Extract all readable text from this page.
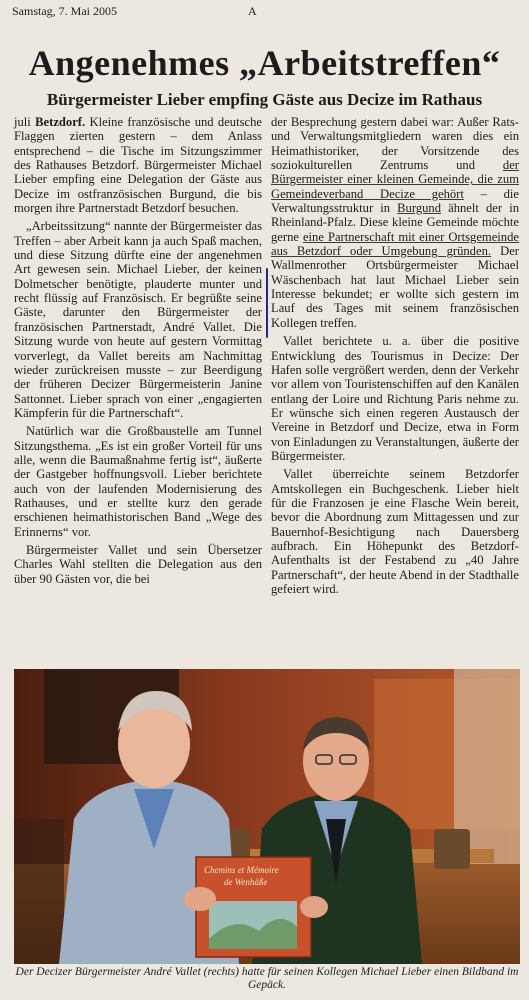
Samstag, 7. Mai 2005	A
Angenehmes „Arbeitstreffen“
Bürgermeister Lieber empfing Gäste aus Decize im Rathaus

juli Betzdorf. Kleine französische und deutsche Flaggen zierten gestern – dem Anlass entsprechend – die Tische im Sitzungszimmer des Rathauses Betzdorf. Bürgermeister Michael Lieber empfing eine Delegation der Gäste aus Decize im ostfranzösischen Burgund, die bis morgen ihre Partnerstadt Betzdorf besuchen.

„Arbeitssitzung“ nannte der Bürgermeister das Treffen – aber Arbeit kann ja auch Spaß machen, und diese Sitzung dürfte eine der angenehmen Art gewesen sein. Michael Lieber, der keinen Dolmetscher benötigte, plauderte munter und recht flüssig auf Französisch. Er begrüßte seine Gäste, darunter den Bürgermeister der französischen Partnerstadt, André Vallet. Die Sitzung wurde von heute auf gestern Vormittag vorverlegt, da Vallet bereits am Nachmittag wieder zurückreisen musste – zur Beerdigung der früheren Decizer Bürgermeisterin Janine Sattonnet. Lieber sprach von einer „engagierten Kämpferin für die Partnerschaft“.

Natürlich war die Großbaustelle am Tunnel Sitzungsthema. „Es ist ein großer Vorteil für uns alle, wenn die Baumaßnahme fertig ist“, äußerte der Gastgeber hoffnungsvoll. Lieber berichtete auch von der laufenden Modernisierung des Rathauses, und er stellte kurz den gerade erschienen heimathistorischen Band „Wege des Erinnerns“ vor.

Bürgermeister Vallet und sein Übersetzer Charles Wahl stellten die Delegation aus den über 90 Gästen vor, die bei

der Besprechung gestern dabei war: Außer Rats- und Verwaltungsmitgliedern waren dies ein Heimathistoriker, der Vorsitzende des soziokulturellen Zentrums und der Bürgermeister einer kleinen Gemeinde, die zum Gemeindeverband Decize gehört – die Verwaltungsstruktur in Burgund ähnelt der in Rheinland-Pfalz. Diese kleine Gemeinde möchte gerne eine Partnerschaft mit einer Ortsgemeinde aus Betzdorf oder Umgebung gründen. Der Wallmenrother Ortsbürgermeister Michael Wäschenbach hat laut Michael Lieber sein Interesse bekundet; er wollte sich gestern im Lauf des Tages mit seinem französischen Kollegen treffen.

Vallet berichtete u. a. über die positive Entwicklung des Tourismus in Decize: Der Hafen solle vergrößert werden, denn der Verkehr vor allem von Touristenschiffen auf den Kanälen entlang der Loire und Richtung Paris nehme zu. Er wünsche sich einen regeren Austausch der Vereine in Betzdorf und Decize, etwa in Form von Einladungen zu Veranstaltungen, äußerte der Bürgermeister.

Vallet überreichte seinem Betzdorfer Amtskollegen ein Buchgeschenk. Lieber hielt für die Franzosen je eine Flasche Wein bereit, bevor die Abordnung zum Mittagessen und zur Bauernhof-Besichtigung nach Dauersberg aufbrach. Ein Höhepunkt des Betzdorf-Aufenthalts ist der Festabend zu „40 Jahre Partnerschaft“, der heute Abend in der Stadthalle gefeiert wird.

Chemins et Mémoire
de Wenhäße
Der Decizer Bürgermeister André Vallet (rechts) hatte für seinen Kollegen Michael Lieber einen Bildband im Gepäck.
